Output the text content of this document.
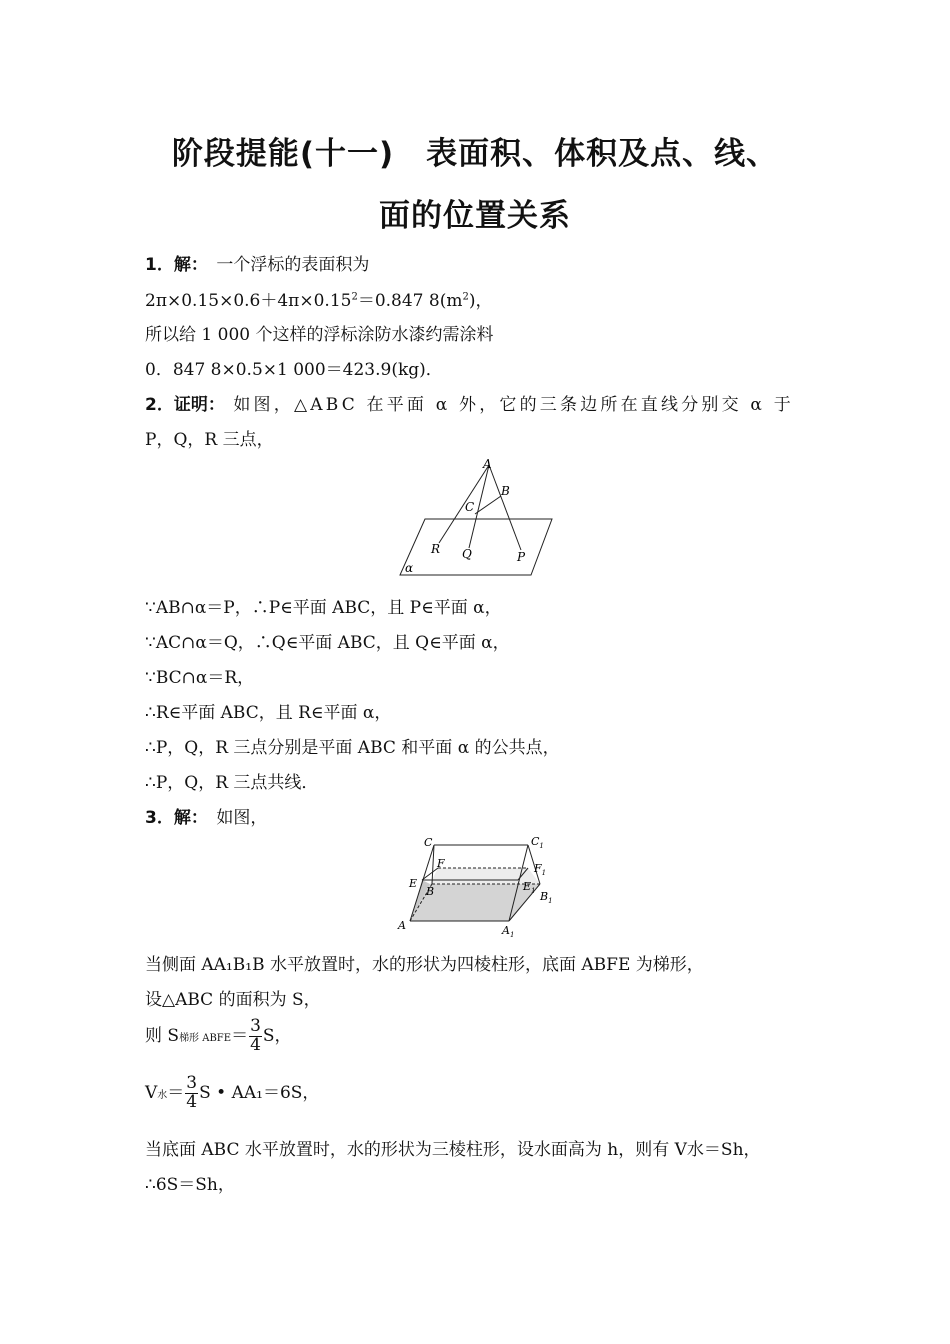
阶段提能(十一)　表面积、体积及点、线、
面的位置关系
1．解：　 一个浮标的表面积为
$2\pi\times 0.15\times 0.6+4\pi\times 0.15^2=0.847$ $8(m^2)$，
所以给 1 000 个这样的浮标涂防水漆约需涂料
0．847 8×0.5×1 000＝423.9(kg)．
2．证明：　 如图，△ABC 在平面 α 外，它的三条边所在直线分别交 α 于
P，Q，R 三点，
A
B
C
R Q	P
α
∵AB∩α＝P，∴P∈平面 ABC，且 P∈平面 α，
∵AC∩α＝Q，∴Q∈平面 ABC，且 Q∈平面 α，
∵BC∩α＝R，
∴R∈平面 ABC，且 R∈平面 α，
∴P，Q，R 三点分别是平面 ABC 和平面 α 的公共点，
∴P，Q，R 三点共线．
3．解：　 如图，
C	$C_1$
F	$F_1$
E	$E_1$
B	$B_1$
A	$A_1$
当侧面 AA₁B₁B 水平放置时，水的形状为四棱柱形，底面 ABFE 为梯形，
设△ABC 的面积为 S，
则 S梯形 ABFE＝ $\frac{3}{4}$ S，
V水＝ $\frac{3}{4}$ S • AA₁＝6S，
当底面 ABC 水平放置时，水的形状为三棱柱形，设水面高为 h，则有 V水＝Sh，
∴6S＝Sh，
